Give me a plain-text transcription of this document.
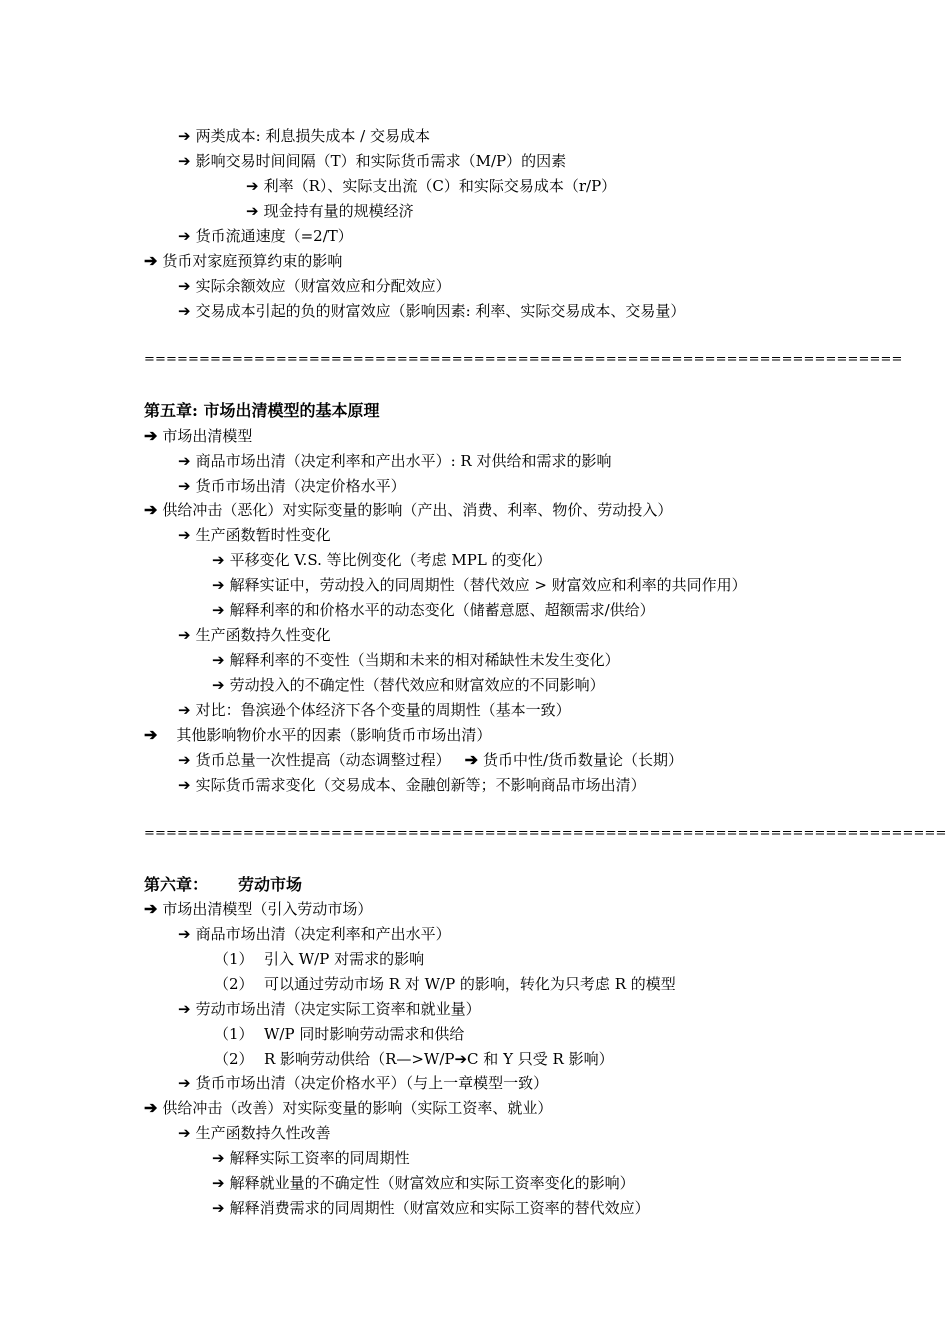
➔ 两类成本: 利息损失成本 / 交易成本
➔ 影响交易时间间隔（T）和实际货币需求（M/P）的因素
➔ 利率（R）、实际支出流（C）和实际交易成本（r/P）
➔ 现金持有量的规模经济
➔ 货币流通速度（=2/T）
➔ 货币对家庭预算约束的影响
➔ 实际余额效应（财富效应和分配效应）
➔ 交易成本引起的负的财富效应（影响因素: 利率、实际交易成本、交易量）
=====================================================================
第五章: 市场出清模型的基本原理
➔ 市场出清模型
➔ 商品市场出清（决定利率和产出水平）: R 对供给和需求的影响
➔ 货币市场出清（决定价格水平）
➔ 供给冲击（恶化）对实际变量的影响（产出、消费、利率、物价、劳动投入）
➔ 生产函数暂时性变化
➔ 平移变化 V.S. 等比例变化（考虑 MPL 的变化）
➔ 解释实证中，劳动投入的同周期性（替代效应 > 财富效应和利率的共同作用）
➔ 解释利率的和价格水平的动态变化（储蓄意愿、超额需求/供给）
➔ 生产函数持久性变化
➔ 解释利率的不变性（当期和未来的相对稀缺性未发生变化）
➔ 劳动投入的不确定性（替代效应和财富效应的不同影响）
➔ 对比：鲁滨逊个体经济下各个变量的周期性（基本一致）
➔ 其他影响物价水平的因素（影响货币市场出清）
➔ 货币总量一次性提高（动态调整过程） ➔ 货币中性/货币数量论（长期）
➔ 实际货币需求变化（交易成本、金融创新等；不影响商品市场出清）
=========================================================================
第六章： 劳动市场
➔ 市场出清模型（引入劳动市场）
➔ 商品市场出清（决定利率和产出水平）
（1） 引入 W/P 对需求的影响
（2） 可以通过劳动市场 R 对 W/P 的影响，转化为只考虑 R 的模型
➔ 劳动市场出清（决定实际工资率和就业量）
（1） W/P 同时影响劳动需求和供给
（2） R 影响劳动供给（R—>W/P➔C 和 Y 只受 R 影响）
➔ 货币市场出清（决定价格水平）（与上一章模型一致）
➔ 供给冲击（改善）对实际变量的影响（实际工资率、就业）
➔ 生产函数持久性改善
➔ 解释实际工资率的同周期性
➔ 解释就业量的不确定性（财富效应和实际工资率变化的影响）
➔ 解释消费需求的同周期性（财富效应和实际工资率的替代效应）
